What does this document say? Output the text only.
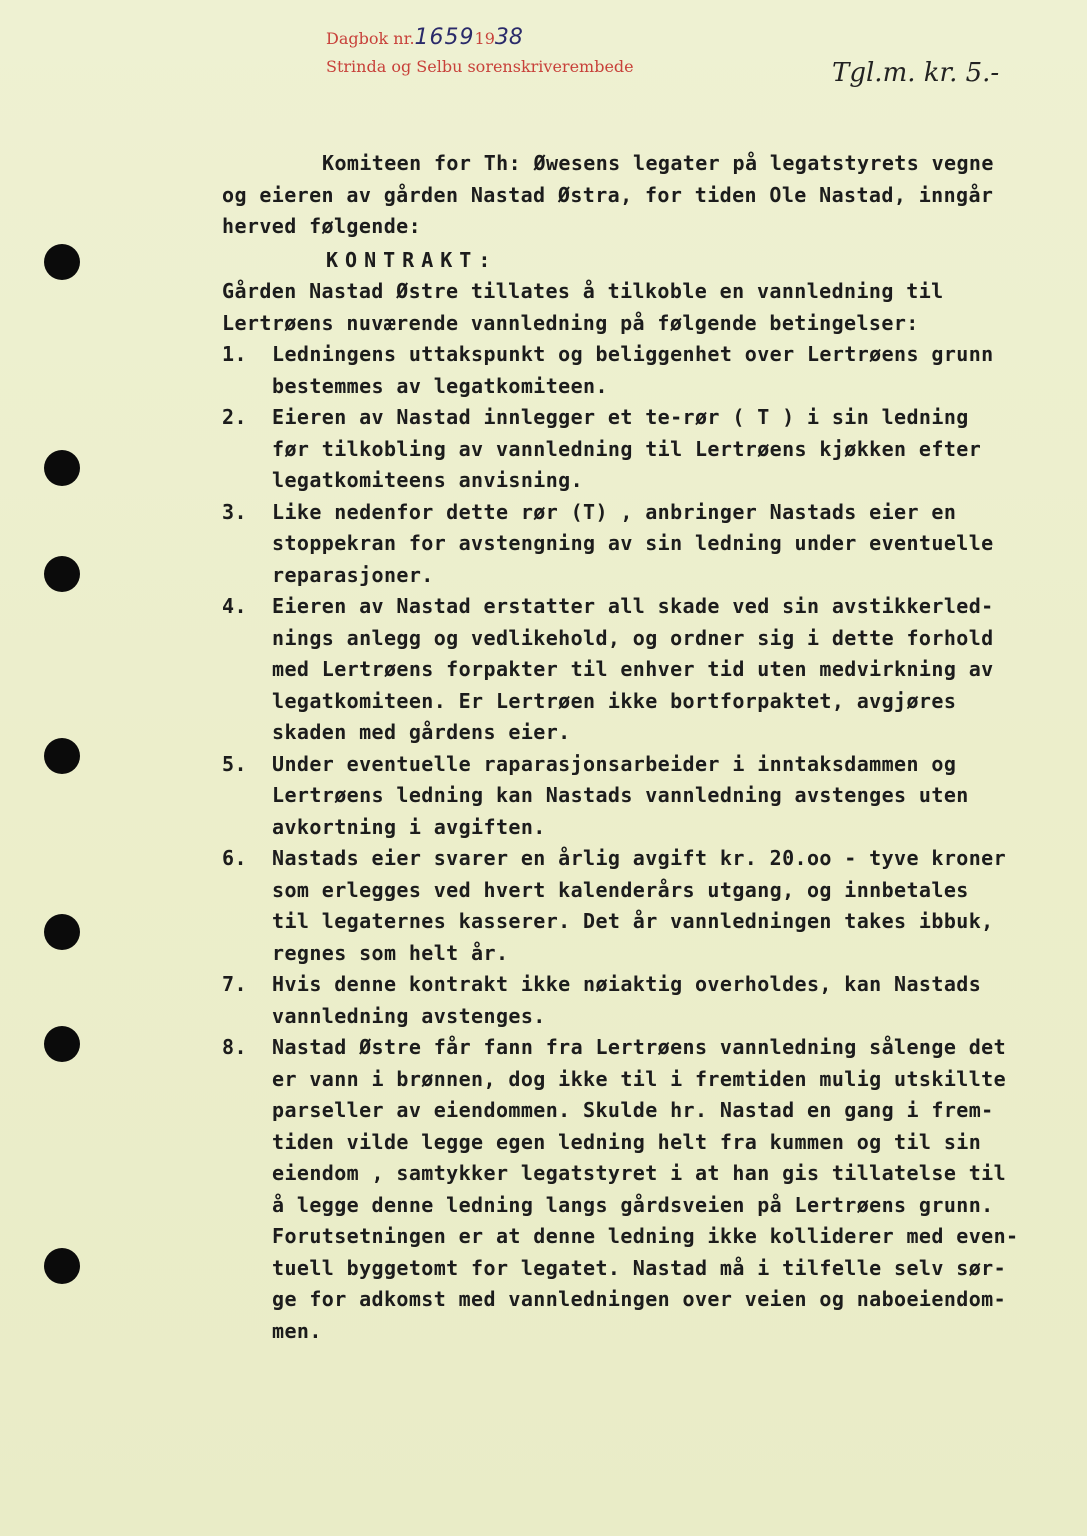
Dagbok nr.16591938
Strinda og Selbu sorenskriverembede	Tgl.m. kr. 5.-

Komiteen for Th: Øwesens legater på legatstyrets vegne

og eieren av gården Nastad Østra, for tiden Ole Nastad, inngår

herved følgende:

KONTRAKT:

Gården Nastad Østre tillates å tilkoble en vannledning til

Lertrøens nuværende vannledning på følgende betingelser:

1.	Ledningens uttakspunkt og beliggenhet over Lertrøens grunn
bestemmes av legatkomiteen.
2.	Eieren av Nastad innlegger et te-rør ( T ) i sin ledning
før tilkobling av vannledning til Lertrøens kjøkken efter
legatkomiteens anvisning.
3.	Like nedenfor dette rør (T) , anbringer Nastads eier en
stoppekran for avstengning av sin ledning under eventuelle
reparasjoner.
4.	Eieren av Nastad erstatter all skade ved sin avstikkerled-
nings anlegg og vedlikehold, og ordner sig i dette forhold
med Lertrøens forpakter til enhver tid uten medvirkning av
legatkomiteen. Er Lertrøen ikke bortforpaktet, avgjøres
skaden med gårdens eier.
5.	Under eventuelle raparasjonsarbeider i inntaksdammen og
Lertrøens ledning kan Nastads vannledning avstenges uten
avkortning i avgiften.
6.	Nastads eier svarer en årlig avgift kr. 20.oo - tyve kroner
som erlegges ved hvert kalenderårs utgang, og innbetales
til legaternes kasserer. Det år vannledningen takes ibbuk,
regnes som helt år.
7.	Hvis denne kontrakt ikke nøiaktig overholdes, kan Nastads
vannledning avstenges.
8.	Nastad Østre får fann fra Lertrøens vannledning sålenge det
er vann i brønnen, dog ikke til i fremtiden mulig utskillte
parseller av eiendommen. Skulde hr. Nastad en gang i frem-
tiden vilde legge egen ledning helt fra kummen og til sin
eiendom , samtykker legatstyret i at han gis tillatelse til
å legge denne ledning langs gårdsveien på Lertrøens grunn.
Forutsetningen er at denne ledning ikke kolliderer med even-
tuell byggetomt for legatet. Nastad må i tilfelle selv sør-
ge for adkomst med vannledningen over veien og naboeiendom-
men.
